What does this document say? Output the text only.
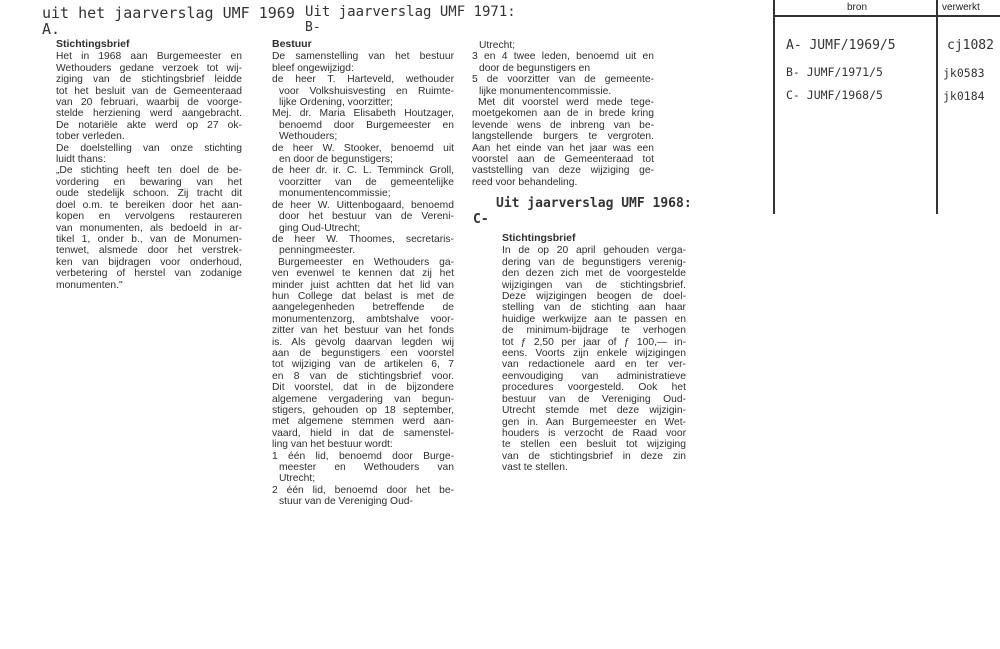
uit het jaarverslag UMF 1969
A.
Uit jaarverslag UMF 1971:
B-
Uit jaarverslag UMF 1968:
C-
Stichtingsbrief
Het in 1968 aan Burgemeester en
Wethouders gedane verzoek tot wij-
ziging van de stichtingsbrief leidde
tot het besluit van de Gemeenteraad
van 20 februari, waarbij de voorge-
stelde herziening werd aangebracht.
De notariële akte werd op 27 ok-
tober verleden.
De doelstelling van onze stichting
luidt thans:
„De stichting heeft ten doel de be-
vordering en bewaring van het
oude stedelijk schoon. Zij tracht dit
doel o.m. te bereiken door het aan-
kopen en vervolgens restaureren
van monumenten, als bedoeld in ar-
tikel 1, onder b., van de Monumen-
tenwet, alsmede door het verstrek-
ken van bijdragen voor onderhoud,
verbetering of herstel van zodanige
monumenten."
Bestuur
De samenstelling van het bestuur
bleef ongewijzigd:
de heer T. Harteveld, wethouder
voor Volkshuisvesting en Ruimte-
lijke Ordening, voorzitter;
Mej. dr. Maria Elisabeth Houtzager,
benoemd door Burgemeester en
Wethouders;
de heer W. Stooker, benoemd uit
en door de begunstigers;
de heer dr. ir. C. L. Temminck Groll,
voorzitter van de gemeentelijke
monumentencommissie;
de heer W. Uittenbogaard, benoemd
door het bestuur van de Vereni-
ging Oud-Utrecht;
de heer W. Thoomes, secretaris-
penningmeester.
Burgemeester en Wethouders ga-
ven evenwel te kennen dat zij het
minder juist achtten dat het lid van
hun College dat belast is met de
aangelegenheden betreffende de
monumentenzorg, ambtshalve voor-
zitter van het bestuur van het fonds
is. Als gevolg daarvan legden wij
aan de begunstigers een voorstel
tot wijziging van de artikelen 6, 7
en 8 van de stichtingsbrief voor.
Dit voorstel, dat in de bijzondere
algemene vergadering van begun-
stigers, gehouden op 18 september,
met algemene stemmen werd aan-
vaard, hield in dat de samenstel-
ling van het bestuur wordt:
1 één lid, benoemd door Burge-
meester en Wethouders van
Utrecht;
2 één lid, benoemd door het be-
stuur van de Vereniging Oud-
Utrecht;
3 en 4 twee leden, benoemd uit en
door de begunstigers en
5 de voorzitter van de gemeente-
lijke monumentencommissie.
Met dit voorstel werd mede tege-
moetgekomen aan de in brede kring
levende wens de inbreng van be-
langstellende burgers te vergroten.
Aan het einde van het jaar was een
voorstel aan de Gemeenteraad tot
vaststelling van deze wijziging ge-
reed voor behandeling.
Stichtingsbrief
In de op 20 april gehouden verga-
dering van de begunstigers verenig-
den dezen zich met de voorgestelde
wijzigingen van de stichtingsbrief.
Deze wijzigingen beogen de doel-
stelling van de stichting aan haar
huidige werkwijze aan te passen en
de minimum-bijdrage te verhogen
tot ƒ 2,50 per jaar of ƒ 100,— in-
eens. Voorts zijn enkele wijzigingen
van redactionele aard en ter ver-
eenvoudiging van administratieve
procedures voorgesteld. Ook het
bestuur van de Vereniging Oud-
Utrecht stemde met deze wijzigin-
gen in. Aan Burgemeester en Wet-
houders is verzocht de Raad voor
te stellen een besluit tot wijziging
van de stichtingsbrief in deze zin
vast te stellen.
bron	verwerkt
A- JUMF/1969/5	cj1082
B- JUMF/1971/5	jk0583
C- JUMF/1968/5	jk0184
